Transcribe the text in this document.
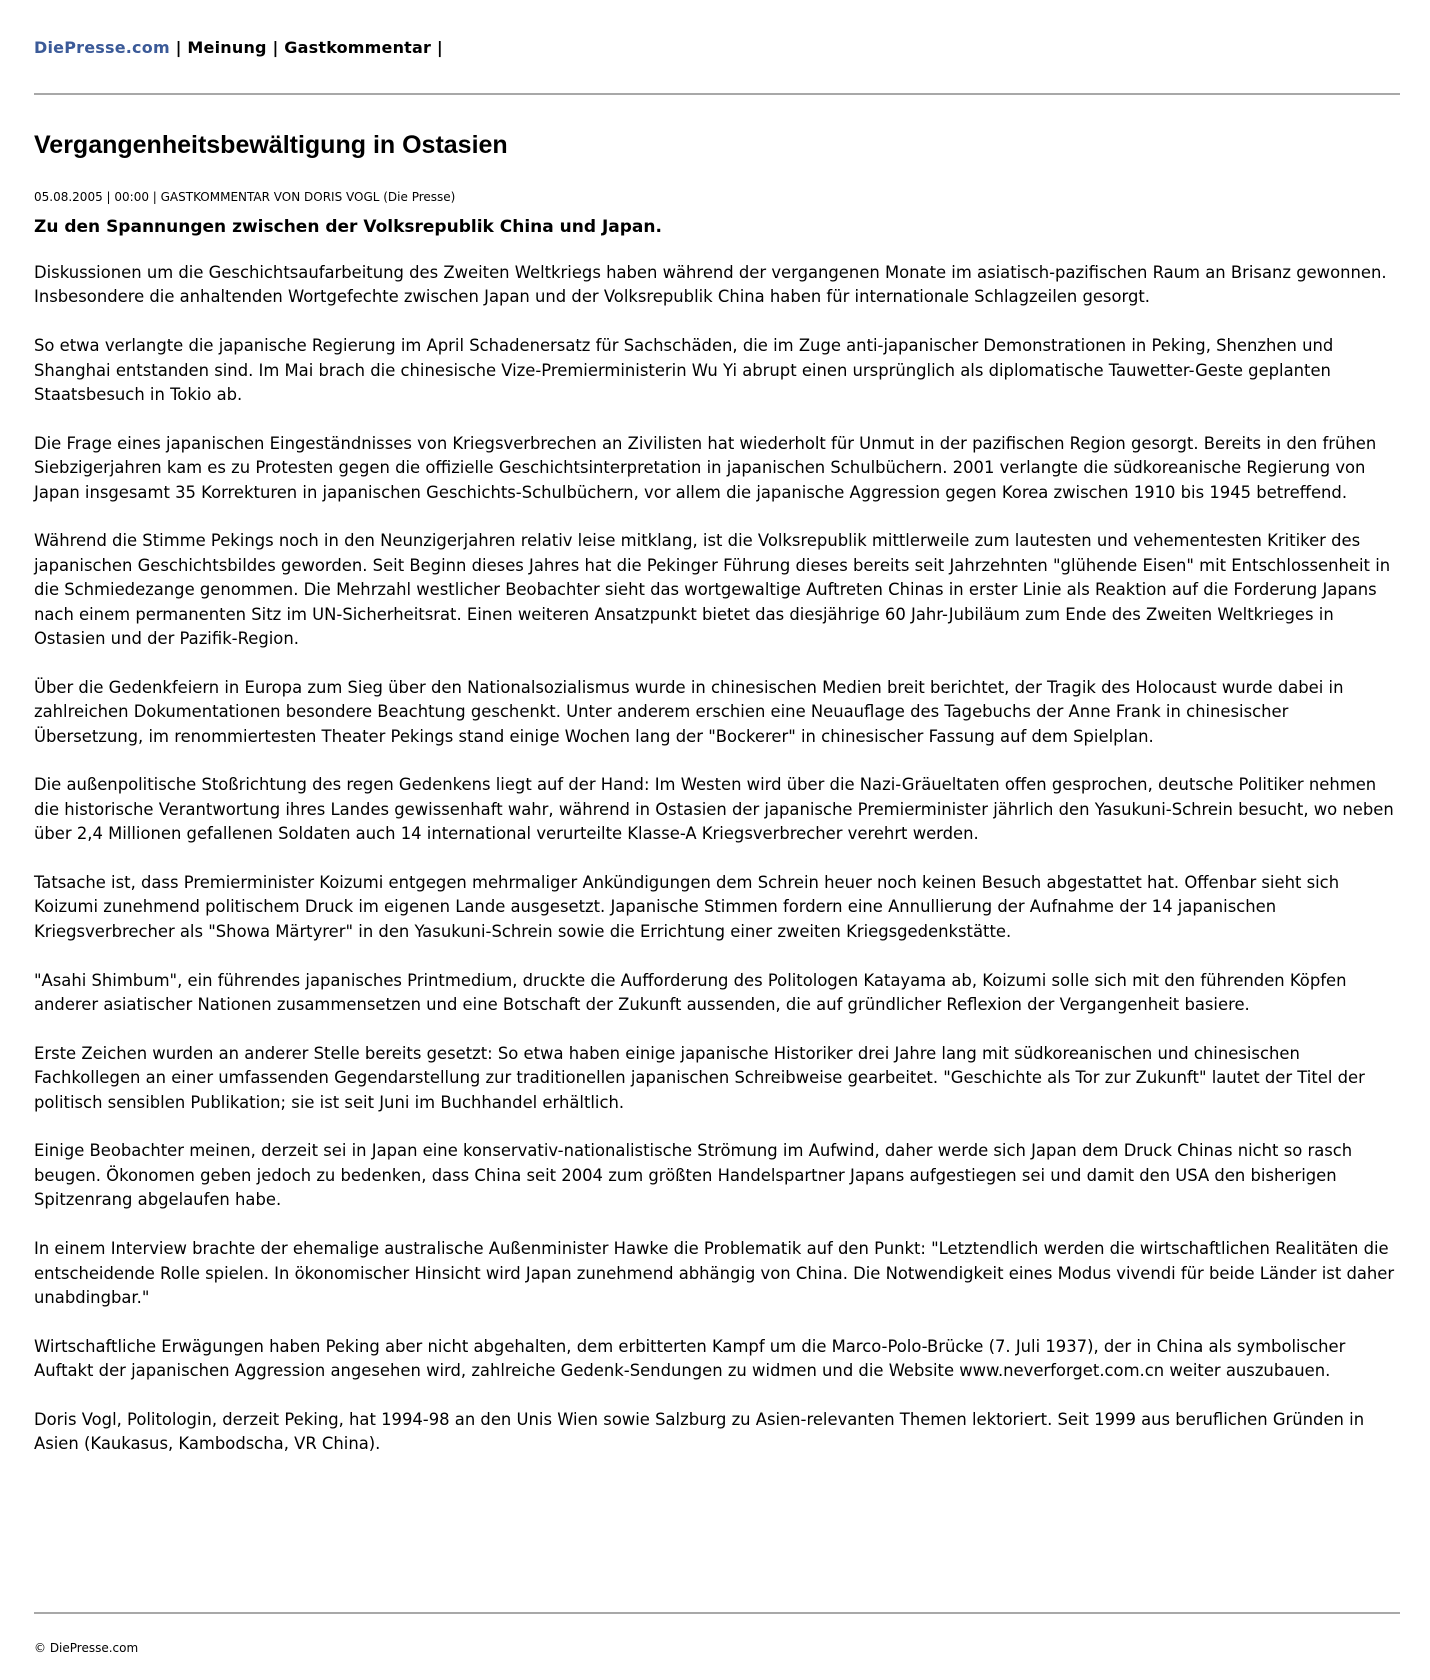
DiePresse.com | Meinung | Gastkommentar |
Vergangenheitsbewältigung in Ostasien
05.08.2005 | 00:00 | GASTKOMMENTAR VON DORIS VOGL (Die Presse)
Zu den Spannungen zwischen der Volksrepublik China und Japan.

Diskussionen um die Geschichtsaufarbeitung des Zweiten Weltkriegs haben während der vergangenen Monate im asiatisch-pazifischen Raum an Brisanz gewonnen. Insbesondere die anhaltenden Wortgefechte zwischen Japan und der Volksrepublik China haben für internationale Schlagzeilen gesorgt.

So etwa verlangte die japanische Regierung im April Schadenersatz für Sachschäden, die im Zuge anti-japanischer Demonstrationen in Peking, Shenzhen und Shanghai entstanden sind. Im Mai brach die chinesische Vize-Premierministerin Wu Yi abrupt einen ursprünglich als diplomatische Tauwetter-Geste geplanten Staatsbesuch in Tokio ab.

Die Frage eines japanischen Eingeständnisses von Kriegsverbrechen an Zivilisten hat wiederholt für Unmut in der pazifischen Region gesorgt. Bereits in den frühen Siebzigerjahren kam es zu Protesten gegen die offizielle Geschichtsinterpretation in japanischen Schulbüchern. 2001 verlangte die südkoreanische Regierung von Japan insgesamt 35 Korrekturen in japanischen Geschichts-Schulbüchern, vor allem die japanische Aggression gegen Korea zwischen 1910 bis 1945 betreffend.

Während die Stimme Pekings noch in den Neunzigerjahren relativ leise mitklang, ist die Volksrepublik mittlerweile zum lautesten und vehementesten Kritiker des japanischen Geschichtsbildes geworden. Seit Beginn dieses Jahres hat die Pekinger Führung dieses bereits seit Jahrzehnten "glühende Eisen" mit Entschlossenheit in die Schmiedezange genommen. Die Mehrzahl westlicher Beobachter sieht das wortgewaltige Auftreten Chinas in erster Linie als Reaktion auf die Forderung Japans nach einem permanenten Sitz im UN-Sicherheitsrat. Einen weiteren Ansatzpunkt bietet das diesjährige 60 Jahr-Jubiläum zum Ende des Zweiten Weltkrieges in Ostasien und der Pazifik-Region.

Über die Gedenkfeiern in Europa zum Sieg über den Nationalsozialismus wurde in chinesischen Medien breit berichtet, der Tragik des Holocaust wurde dabei in zahlreichen Dokumentationen besondere Beachtung geschenkt. Unter anderem erschien eine Neuauflage des Tagebuchs der Anne Frank in chinesischer Übersetzung, im renommiertesten Theater Pekings stand einige Wochen lang der "Bockerer" in chinesischer Fassung auf dem Spielplan.

Die außenpolitische Stoßrichtung des regen Gedenkens liegt auf der Hand: Im Westen wird über die Nazi-Gräueltaten offen gesprochen, deutsche Politiker nehmen die historische Verantwortung ihres Landes gewissenhaft wahr, während in Ostasien der japanische Premierminister jährlich den Yasukuni-Schrein besucht, wo neben über 2,4 Millionen gefallenen Soldaten auch 14 international verurteilte Klasse-A Kriegsverbrecher verehrt werden.

Tatsache ist, dass Premierminister Koizumi entgegen mehrmaliger Ankündigungen dem Schrein heuer noch keinen Besuch abgestattet hat. Offenbar sieht sich Koizumi zunehmend politischem Druck im eigenen Lande ausgesetzt. Japanische Stimmen fordern eine Annullierung der Aufnahme der 14 japanischen Kriegsverbrecher als "Showa Märtyrer" in den Yasukuni-Schrein sowie die Errichtung einer zweiten Kriegsgedenkstätte.

"Asahi Shimbum", ein führendes japanisches Printmedium, druckte die Aufforderung des Politologen Katayama ab, Koizumi solle sich mit den führenden Köpfen anderer asiatischer Nationen zusammensetzen und eine Botschaft der Zukunft aussenden, die auf gründlicher Reflexion der Vergangenheit basiere.

Erste Zeichen wurden an anderer Stelle bereits gesetzt: So etwa haben einige japanische Historiker drei Jahre lang mit südkoreanischen und chinesischen Fachkollegen an einer umfassenden Gegendarstellung zur traditionellen japanischen Schreibweise gearbeitet. "Geschichte als Tor zur Zukunft" lautet der Titel der politisch sensiblen Publikation; sie ist seit Juni im Buchhandel erhältlich.

Einige Beobachter meinen, derzeit sei in Japan eine konservativ-nationalistische Strömung im Aufwind, daher werde sich Japan dem Druck Chinas nicht so rasch beugen. Ökonomen geben jedoch zu bedenken, dass China seit 2004 zum größten Handelspartner Japans aufgestiegen sei und damit den USA den bisherigen Spitzenrang abgelaufen habe.

In einem Interview brachte der ehemalige australische Außenminister Hawke die Problematik auf den Punkt: "Letztendlich werden die wirtschaftlichen Realitäten die entscheidende Rolle spielen. In ökonomischer Hinsicht wird Japan zunehmend abhängig von China. Die Notwendigkeit eines Modus vivendi für beide Länder ist daher unabdingbar."

Wirtschaftliche Erwägungen haben Peking aber nicht abgehalten, dem erbitterten Kampf um die Marco-Polo-Brücke (7. Juli 1937), der in China als symbolischer Auftakt der japanischen Aggression angesehen wird, zahlreiche Gedenk-Sendungen zu widmen und die Website www.neverforget.com.cn weiter auszubauen.

Doris Vogl, Politologin, derzeit Peking, hat 1994-98 an den Unis Wien sowie Salzburg zu Asien-relevanten Themen lektoriert. Seit 1999 aus beruflichen Gründen in Asien (Kaukasus, Kambodscha, VR China).

© DiePresse.com
